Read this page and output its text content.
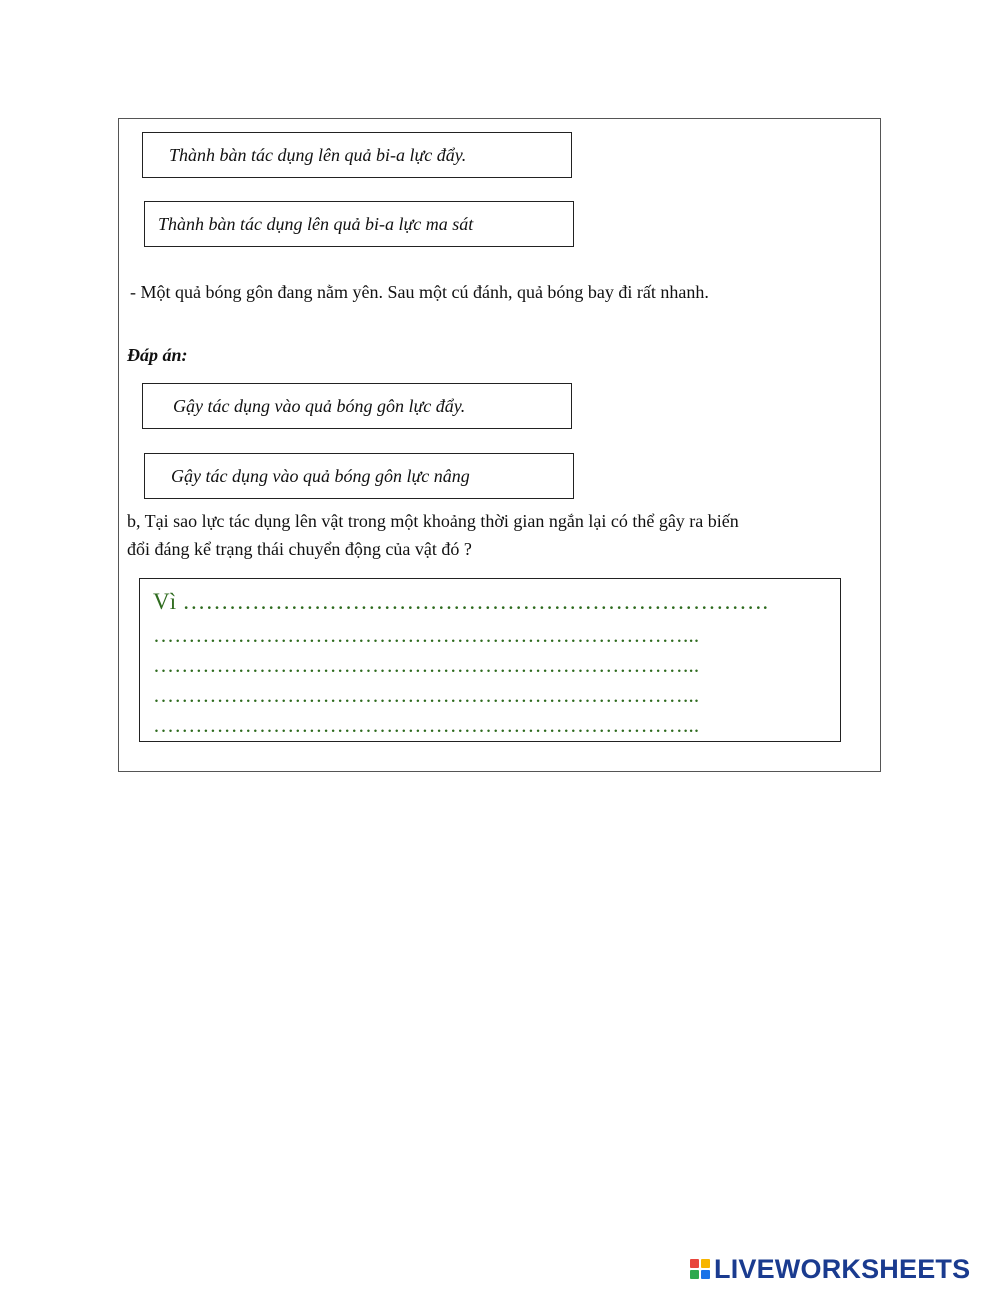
Thành bàn tác dụng lên quả bi-a lực đẩy.
Thành bàn tác dụng lên quả bi-a lực ma sát
- Một quả bóng gôn đang nằm yên. Sau một cú đánh, quả bóng bay đi rất nhanh.
Đáp án:
Gậy tác dụng vào quả bóng gôn lực đẩy.
Gậy tác dụng vào quả bóng gôn lực nâng
b, Tại sao lực tác dụng lên vật trong một khoảng thời gian ngắn lại có thể gây ra biến
đổi đáng kể trạng thái chuyển động của vật đó ?
Vì ………………………………………………………………….
…………………………………………………………………...
…………………………………………………………………...
…………………………………………………………………...
…………………………………………………………………...
LIVEWORKSHEETS
